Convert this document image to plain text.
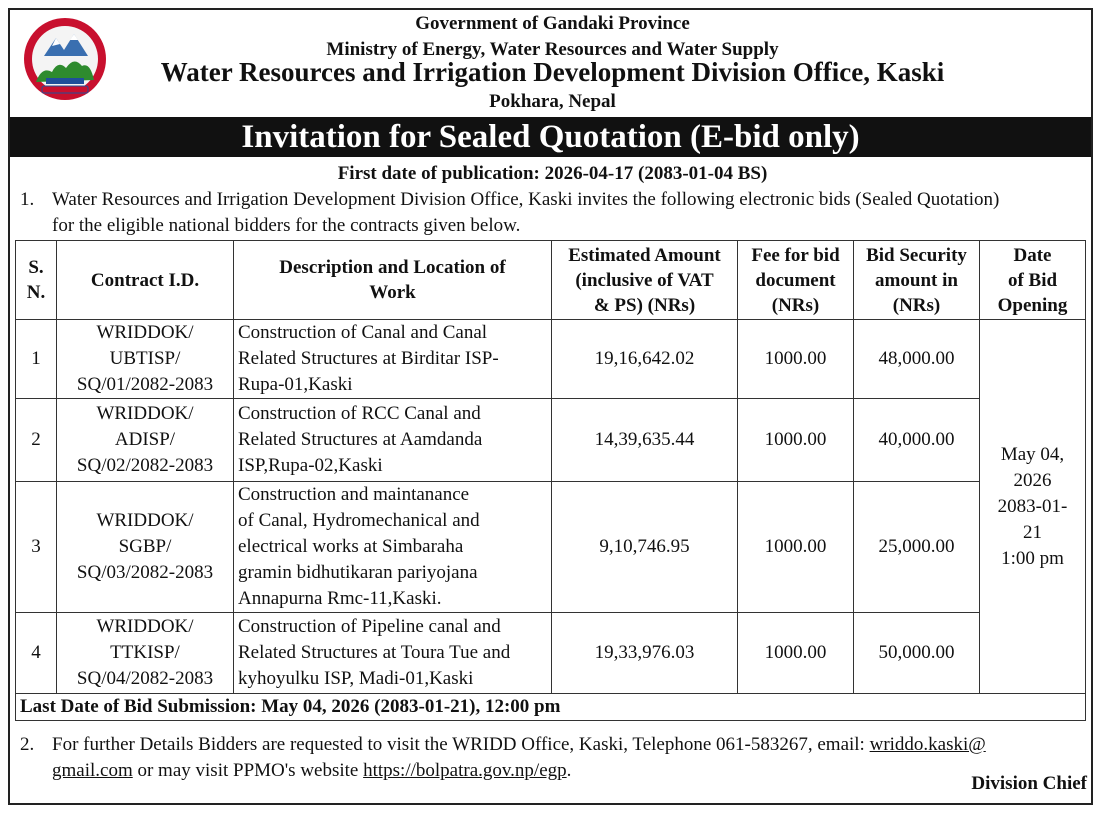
Government of Gandaki Province
Ministry of Energy, Water Resources and Water Supply
Water Resources and Irrigation Development Division Office, Kaski
Pokhara, Nepal
Invitation for Sealed Quotation (E-bid only)
First date of publication: 2026-04-17 (2083-01-04 BS)
1. Water Resources and Irrigation Development Division Office, Kaski invites the following electronic bids (Sealed Quotation)
for the eligible national bidders for the contracts given below.
S.
N.	Contract I.D.	Description and Location of
Work	Estimated Amount
(inclusive of VAT
& PS) (NRs)	Fee for bid
document
(NRs)	Bid Security
amount in
(NRs)	Date
of Bid
Opening
1	WRIDDOK/
UBTISP/
SQ/01/2082-2083	Construction of Canal and Canal
Related Structures at Birditar ISP-
Rupa-01,Kaski	19,16,642.02	1000.00	48,000.00	May 04,
2026
2083-01-
21
1:00 pm
2	WRIDDOK/
ADISP/
SQ/02/2082-2083	Construction of RCC Canal and
Related Structures at Aamdanda
ISP,Rupa-02,Kaski	14,39,635.44	1000.00	40,000.00	
3	WRIDDOK/
SGBP/
SQ/03/2082-2083	Construction and maintanance
of Canal, Hydromechanical and
electrical works at Simbaraha
gramin bidhutikaran pariyojana
Annapurna Rmc-11,Kaski.	9,10,746.95	1000.00	25,000.00	
4	WRIDDOK/
TTKISP/
SQ/04/2082-2083	Construction of Pipeline canal and
Related Structures at Toura Tue and
kyhoyulku ISP, Madi-01,Kaski	19,33,976.03	1000.00	50,000.00	
Last Date of Bid Submission: May 04, 2026 (2083-01-21), 12:00 pm						
2. For further Details Bidders are requested to visit the WRIDD Office, Kaski, Telephone 061-583267, email: wriddo.kaski@
gmail.com or may visit PPMO's website https://bolpatra.gov.np/egp.
Division Chief
